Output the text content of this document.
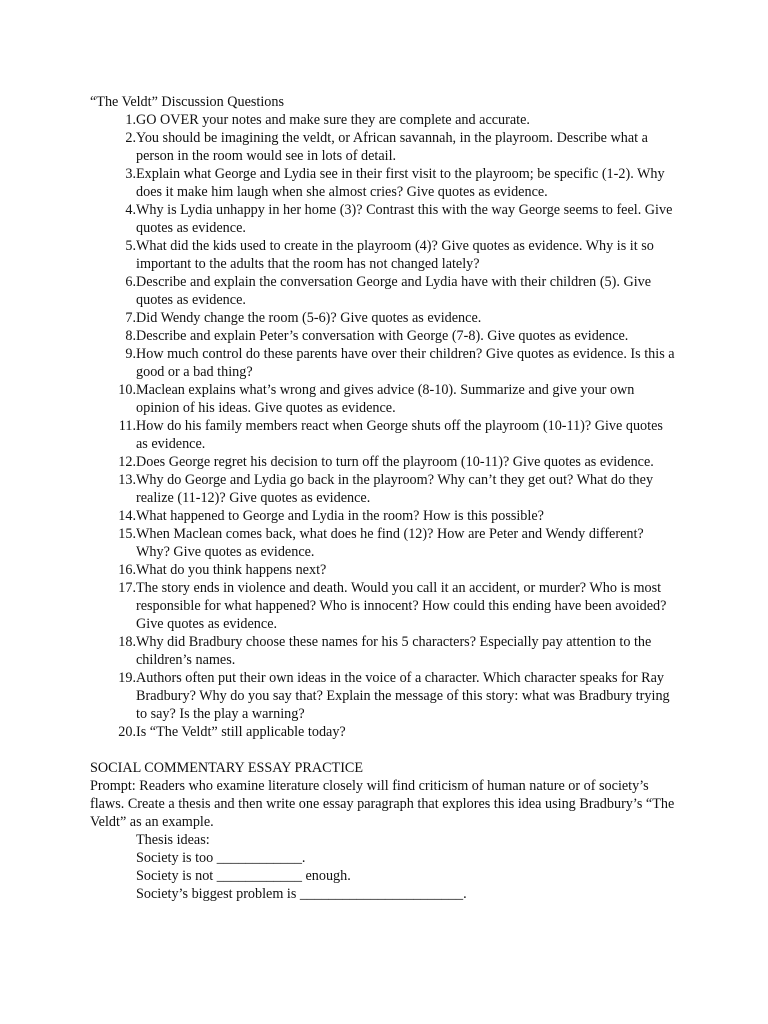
“The Veldt” Discussion Questions
1. GO OVER your notes and make sure they are complete and accurate.
2. You should be imagining the veldt, or African savannah, in the playroom. Describe what a person in the room would see in lots of detail.
3. Explain what George and Lydia see in their first visit to the playroom; be specific (1-2). Why does it make him laugh when she almost cries? Give quotes as evidence.
4. Why is Lydia unhappy in her home (3)? Contrast this with the way George seems to feel. Give quotes as evidence.
5. What did the kids used to create in the playroom (4)? Give quotes as evidence. Why is it so important to the adults that the room has not changed lately?
6. Describe and explain the conversation George and Lydia have with their children (5). Give quotes as evidence.
7. Did Wendy change the room (5-6)? Give quotes as evidence.
8. Describe and explain Peter’s conversation with George (7-8). Give quotes as evidence.
9. How much control do these parents have over their children? Give quotes as evidence. Is this a good or a bad thing?
10. Maclean explains what’s wrong and gives advice (8-10). Summarize and give your own opinion of his ideas. Give quotes as evidence.
11. How do his family members react when George shuts off the playroom (10-11)? Give quotes as evidence.
12. Does George regret his decision to turn off the playroom (10-11)? Give quotes as evidence.
13. Why do George and Lydia go back in the playroom? Why can’t they get out? What do they realize (11-12)? Give quotes as evidence.
14. What happened to George and Lydia in the room? How is this possible?
15. When Maclean comes back, what does he find (12)? How are Peter and Wendy different? Why? Give quotes as evidence.
16. What do you think happens next?
17. The story ends in violence and death. Would you call it an accident, or murder? Who is most responsible for what happened? Who is innocent? How could this ending have been avoided? Give quotes as evidence.
18. Why did Bradbury choose these names for his 5 characters? Especially pay attention to the children’s names.
19. Authors often put their own ideas in the voice of a character. Which character speaks for Ray Bradbury? Why do you say that? Explain the message of this story: what was Bradbury trying to say? Is the play a warning?
20. Is “The Veldt” still applicable today?
SOCIAL COMMENTARY ESSAY PRACTICE

Prompt: Readers who examine literature closely will find criticism of human nature or of society’s flaws. Create a thesis and then write one essay paragraph that explores this idea using Bradbury’s “The Veldt” as an example.

Thesis ideas:

Society is too ____________.

Society is not ____________ enough.

Society’s biggest problem is _______________________.
